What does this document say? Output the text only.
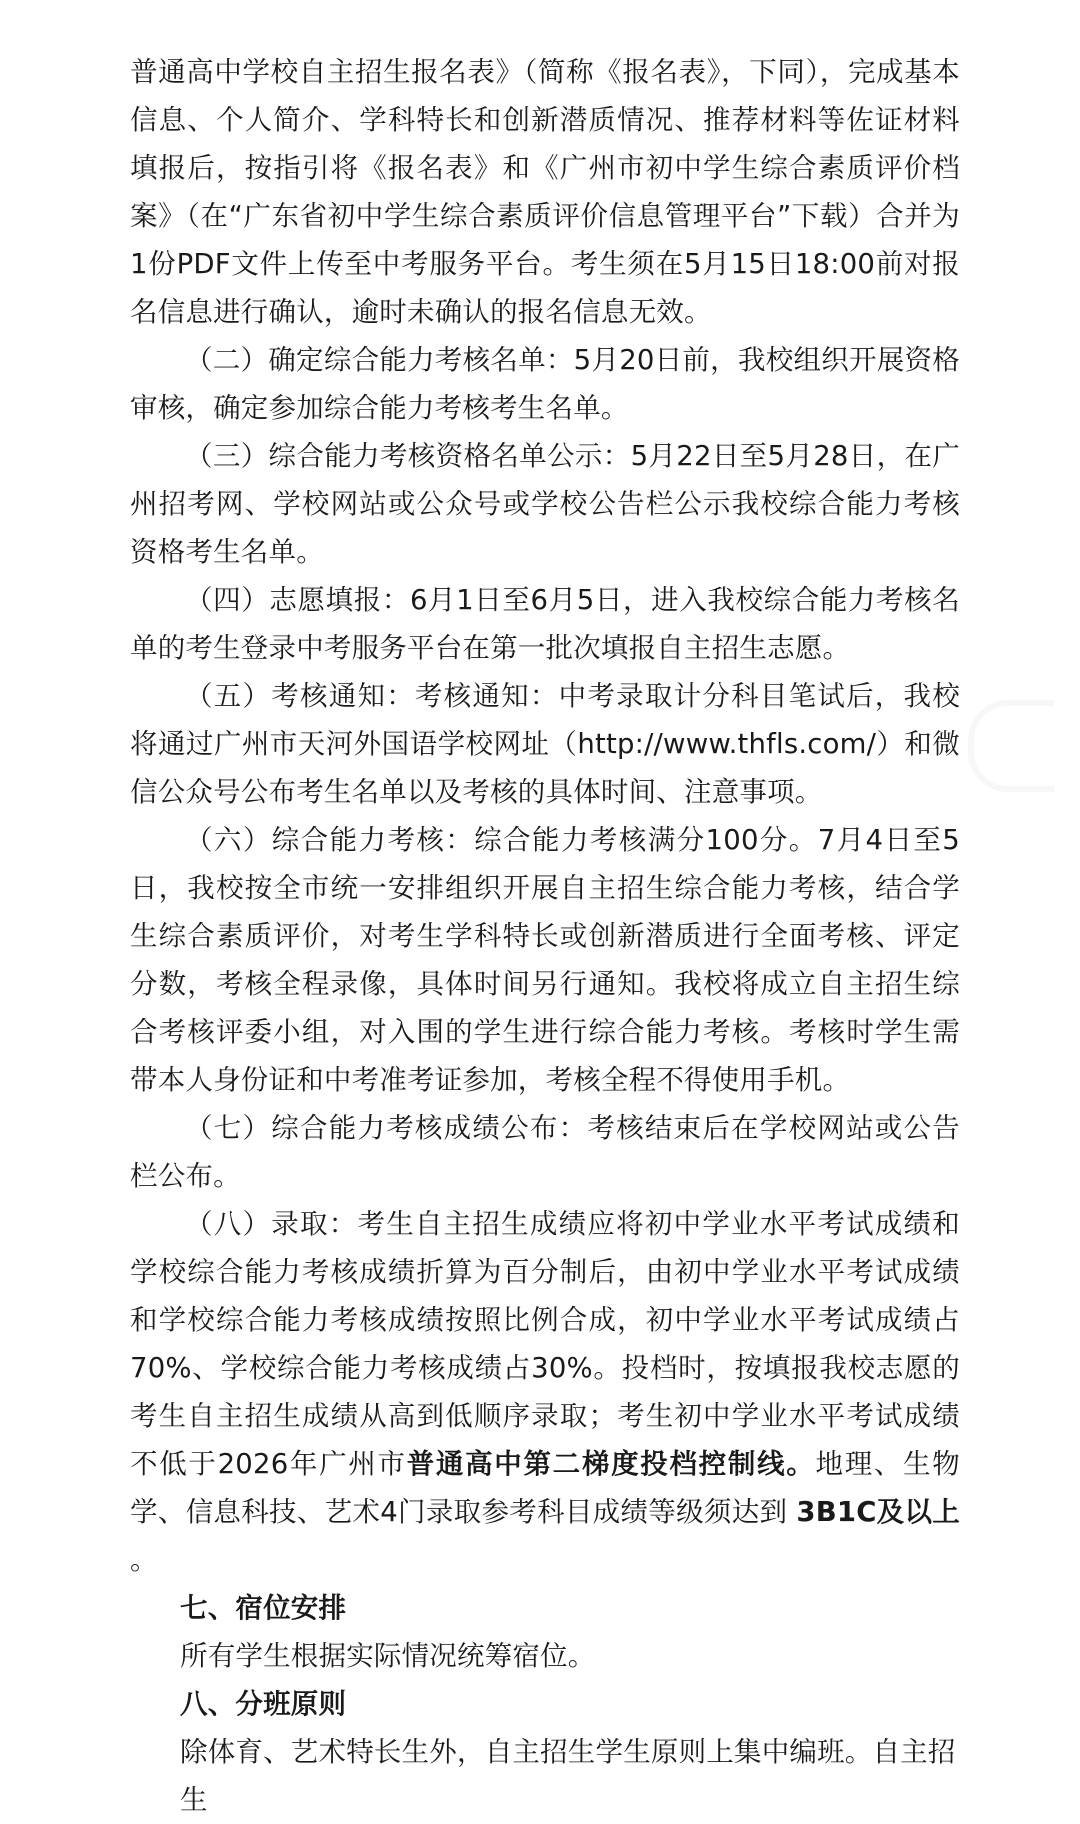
普通高中学校自主招生报名表》（简称《报名表》，下同），完成基本信息、个人简介、学科特长和创新潜质情况、推荐材料等佐证材料填报后，按指引将《报名表》和《广州市初中学生综合素质评价档案》（在“广东省初中学生综合素质评价信息管理平台”下载）合并为1份PDF文件上传至中考服务平台。考生须在5月15日18:00前对报名信息进行确认，逾时未确认的报名信息无效。

（二）确定综合能力考核名单：5月20日前，我校组织开展资格审核，确定参加综合能力考核考生名单。

（三）综合能力考核资格名单公示：5月22日至5月28日，在广州招考网、学校网站或公众号或学校公告栏公示我校综合能力考核资格考生名单。

（四）志愿填报：6月1日至6月5日，进入我校综合能力考核名单的考生登录中考服务平台在第一批次填报自主招生志愿。

（五）考核通知：考核通知：中考录取计分科目笔试后，我校将通过广州市天河外国语学校网址（http://www.thfls.com/）和微信公众号公布考生名单以及考核的具体时间、注意事项。

（六）综合能力考核：综合能力考核满分100分。7月4日至5日，我校按全市统一安排组织开展自主招生综合能力考核，结合学生综合素质评价，对考生学科特长或创新潜质进行全面考核、评定分数，考核全程录像，具体时间另行通知。我校将成立自主招生综合考核评委小组，对入围的学生进行综合能力考核。考核时学生需带本人身份证和中考准考证参加，考核全程不得使用手机。

（七）综合能力考核成绩公布：考核结束后在学校网站或公告栏公布。

（八）录取：考生自主招生成绩应将初中学业水平考试成绩和学校综合能力考核成绩折算为百分制后，由初中学业水平考试成绩和学校综合能力考核成绩按照比例合成，初中学业水平考试成绩占70%、学校综合能力考核成绩占30%。投档时，按填报我校志愿的考生自主招生成绩从高到低顺序录取；考生初中学业水平考试成绩不低于2026年广州市普通高中第二梯度投档控制线。地理、生物学、信息科技、艺术4门录取参考科目成绩等级须达到 3B1C及以上 。

七、宿位安排

所有学生根据实际情况统筹宿位。

八、分班原则

除体育、艺术特长生外，自主招生学生原则上集中编班。自主招生
